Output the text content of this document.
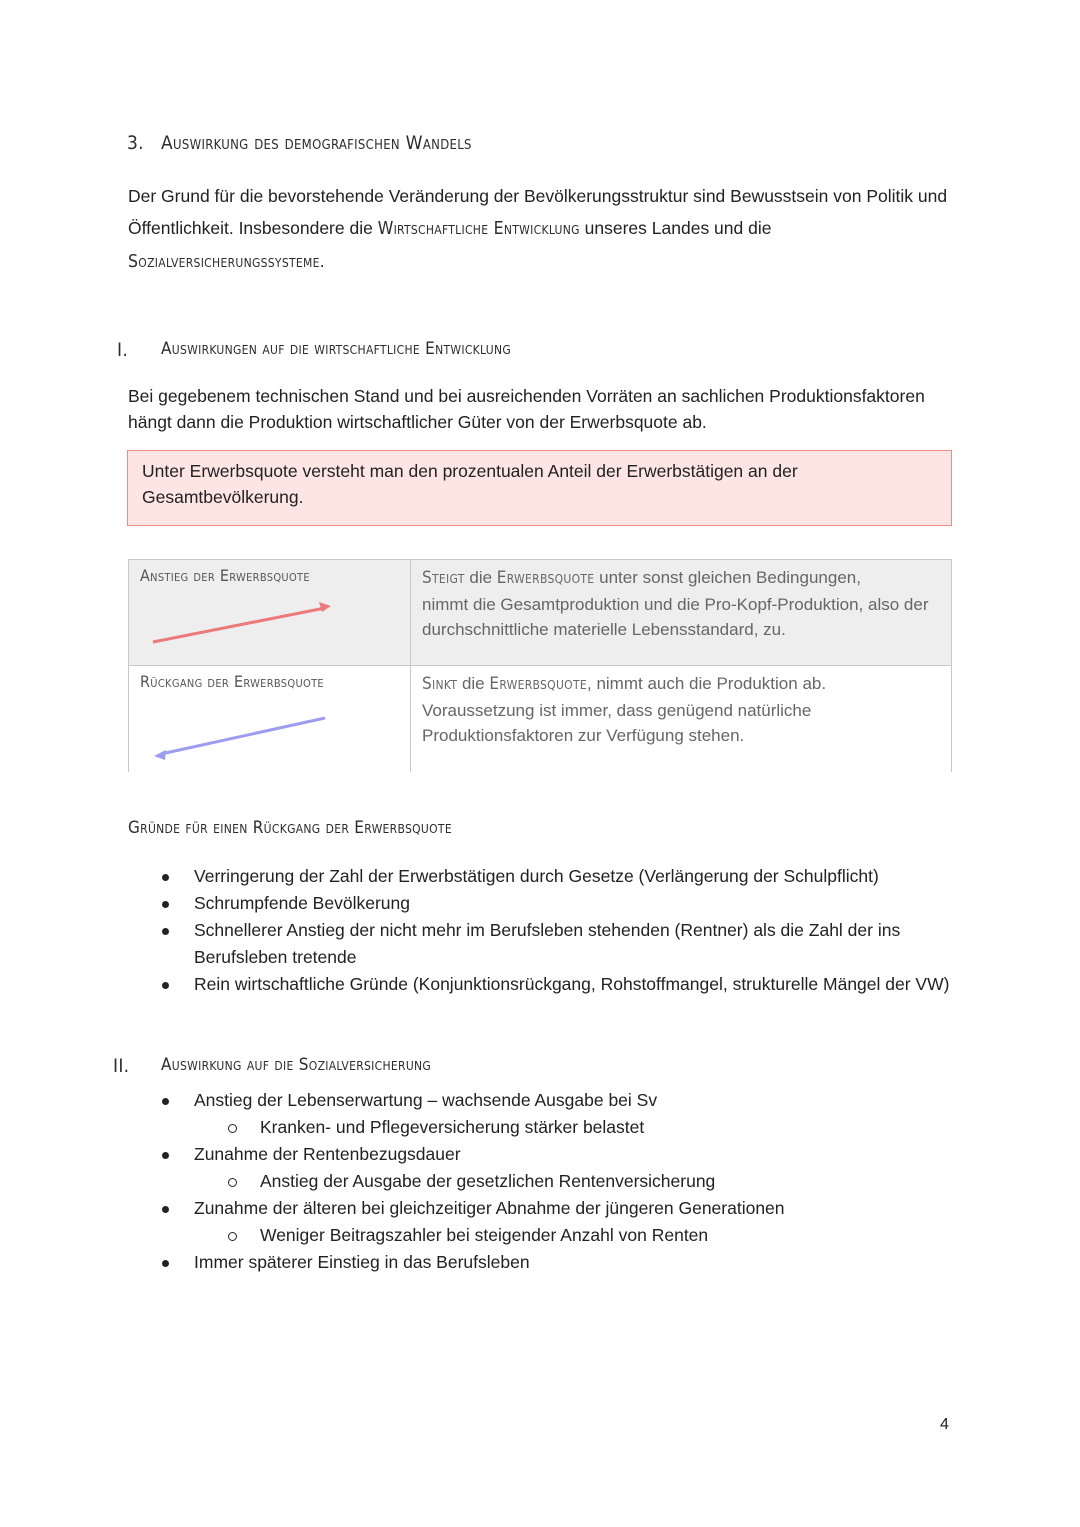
3. Auswirkung des demografischen Wandels
Der Grund für die bevorstehende Veränderung der Bevölkerungsstruktur sind Bewusstsein von Politik und Öffentlichkeit. Insbesondere die Wirtschaftliche Entwicklung unseres Landes und die Sozialversicherungssysteme.
I. Auswirkungen auf die wirtschaftliche Entwicklung
Bei gegebenem technischen Stand und bei ausreichenden Vorräten an sachlichen Produktionsfaktoren hängt dann die Produktion wirtschaftlicher Güter von der Erwerbsquote ab.
Unter Erwerbsquote versteht man den prozentualen Anteil der Erwerbstätigen an der Gesamtbevölkerung.
Anstieg der Erwerbsquote	Steigt die Erwerbsquote unter sonst gleichen Bedingungen,
nimmt die Gesamtproduktion und die Pro-Kopf-Produktion, also der durchschnittliche materielle Lebensstandard, zu.
Rückgang der Erwerbsquote	Sinkt die Erwerbsquote, nimmt auch die Produktion ab.
Voraussetzung ist immer, dass genügend natürliche Produktionsfaktoren zur Verfügung stehen.
Gründe für einen Rückgang der Erwerbsquote
Verringerung der Zahl der Erwerbstätigen durch Gesetze (Verlängerung der Schulpflicht)
Schrumpfende Bevölkerung
Schnellerer Anstieg der nicht mehr im Berufsleben stehenden (Rentner) als die Zahl der ins Berufsleben tretende
Rein wirtschaftliche Gründe (Konjunktionsrückgang, Rohstoffmangel, strukturelle Mängel der VW)
II. Auswirkung auf die Sozialversicherung
Anstieg der Lebenserwartung – wachsende Ausgabe bei Sv
Kranken- und Pflegeversicherung stärker belastet
Zunahme der Rentenbezugsdauer
Anstieg der Ausgabe der gesetzlichen Rentenversicherung
Zunahme der älteren bei gleichzeitiger Abnahme der jüngeren Generationen
Weniger Beitragszahler bei steigender Anzahl von Renten
Immer späterer Einstieg in das Berufsleben
4
